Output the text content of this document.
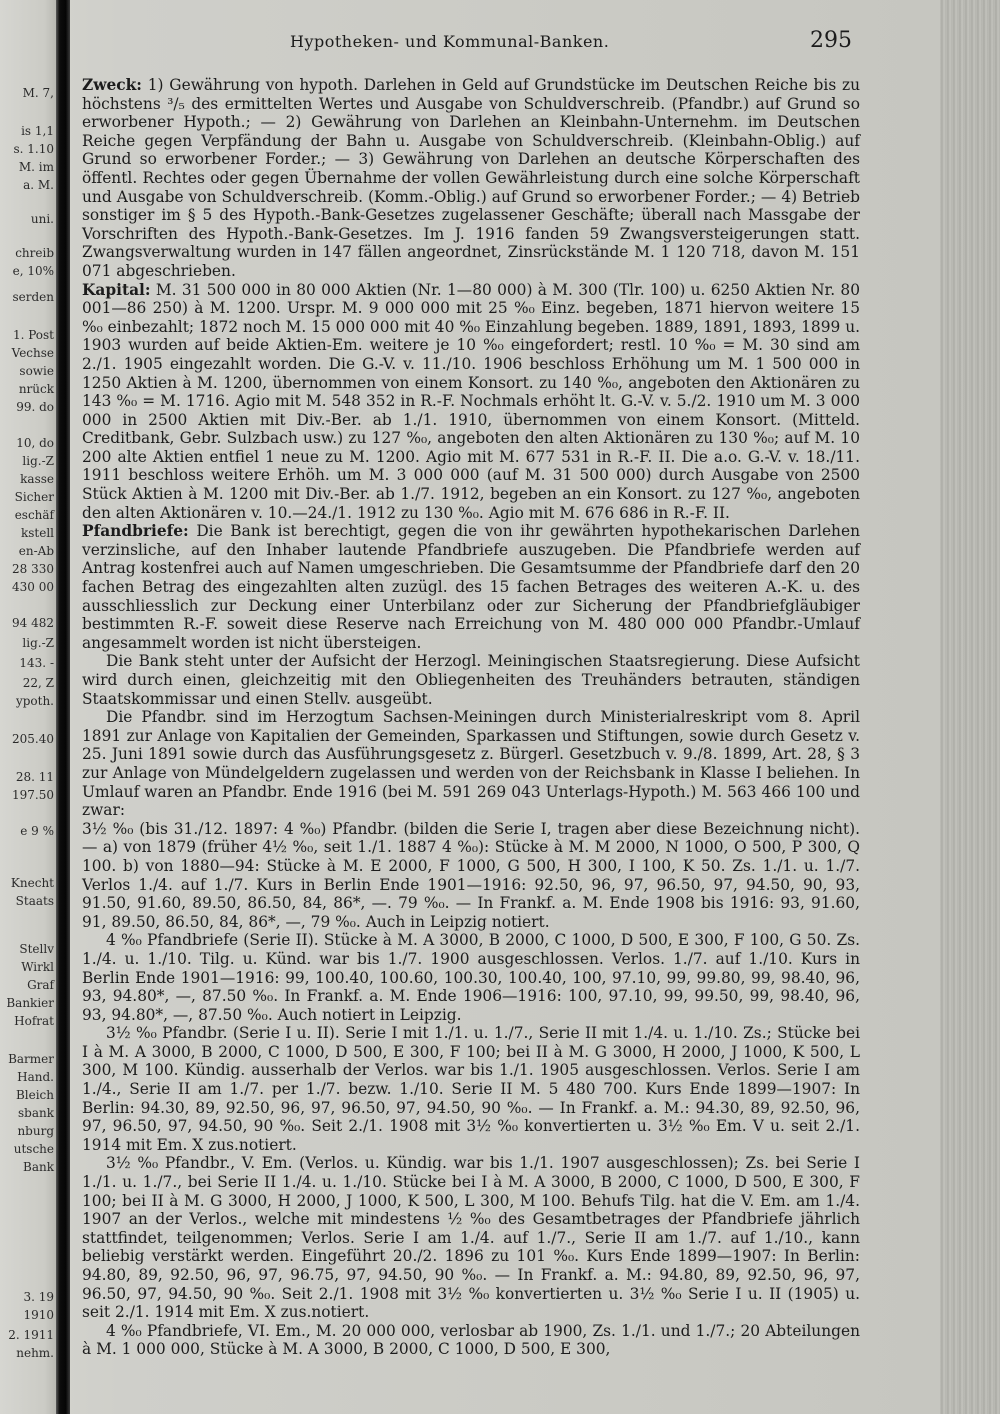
M. 7,
is 1,1
s. 1.10
M. im
a. M.
uni.
chreib
e, 10%
serden
1. Post
Vechse
sowie
nrück
99. do
10, do
lig.-Z
kasse
Sicher
eschäf
kstell
en-Ab
28 330
430 00
94 482
lig.-Z
143. -
22, Z
ypoth.
205.40
28. 11
197.50
e 9 %
Knecht
Staats
Stellv
Wirkl
Graf
Bankier
Hofrat
Barmer
Hand.
Bleich
sbank
nburg
utsche
Bank
3. 19
1910
2. 1911
nehm.
Hypotheken- und Kommunal-Banken.	295

Zweck: 1) Gewährung von hypoth. Darlehen in Geld auf Grundstücke im Deutschen Reiche bis zu höchstens ³/₅ des ermittelten Wertes und Ausgabe von Schuldverschreib. (Pfandbr.) auf Grund so erworbener Hypoth.; — 2) Gewährung von Darlehen an Kleinbahn-Unternehm. im Deutschen Reiche gegen Verpfändung der Bahn u. Ausgabe von Schuldverschreib. (Kleinbahn-Oblig.) auf Grund so erworbener Forder.; — 3) Gewährung von Darlehen an deutsche Körperschaften des öffentl. Rechtes oder gegen Übernahme der vollen Gewährleistung durch eine solche Körperschaft und Ausgabe von Schuldverschreib. (Komm.-Oblig.) auf Grund so erworbener Forder.; — 4) Betrieb sonstiger im § 5 des Hypoth.-Bank-Gesetzes zugelassener Geschäfte; überall nach Massgabe der Vorschriften des Hypoth.-Bank-Gesetzes. Im J. 1916 fanden 59 Zwangsversteigerungen statt. Zwangsverwaltung wurden in 147 fällen angeordnet, Zinsrückstände M. 1 120 718, davon M. 151 071 abgeschrieben.

Kapital: M. 31 500 000 in 80 000 Aktien (Nr. 1—80 000) à M. 300 (Tlr. 100) u. 6250 Aktien Nr. 80 001—86 250) à M. 1200. Urspr. M. 9 000 000 mit 25 %₀ Einz. begeben, 1871 hiervon weitere 15 %₀ einbezahlt; 1872 noch M. 15 000 000 mit 40 %₀ Einzahlung begeben. 1889, 1891, 1893, 1899 u. 1903 wurden auf beide Aktien-Em. weitere je 10 %₀ eingefordert; restl. 10 %₀ = M. 30 sind am 2./1. 1905 eingezahlt worden. Die G.-V. v. 11./10. 1906 beschloss Erhöhung um M. 1 500 000 in 1250 Aktien à M. 1200, übernommen von einem Konsort. zu 140 %₀, angeboten den Aktionären zu 143 %₀ = M. 1716. Agio mit M. 548 352 in R.-F. Nochmals erhöht lt. G.-V. v. 5./2. 1910 um M. 3 000 000 in 2500 Aktien mit Div.-Ber. ab 1./1. 1910, übernommen von einem Konsort. (Mitteld. Creditbank, Gebr. Sulzbach usw.) zu 127 %₀, angeboten den alten Aktionären zu 130 %₀; auf M. 10 200 alte Aktien entfiel 1 neue zu M. 1200. Agio mit M. 677 531 in R.-F. II. Die a.o. G.-V. v. 18./11. 1911 beschloss weitere Erhöh. um M. 3 000 000 (auf M. 31 500 000) durch Ausgabe von 2500 Stück Aktien à M. 1200 mit Div.-Ber. ab 1./7. 1912, begeben an ein Konsort. zu 127 %₀, angeboten den alten Aktionären v. 10.—24./1. 1912 zu 130 %₀. Agio mit M. 676 686 in R.-F. II.

Pfandbriefe: Die Bank ist berechtigt, gegen die von ihr gewährten hypothekarischen Darlehen verzinsliche, auf den Inhaber lautende Pfandbriefe auszugeben. Die Pfandbriefe werden auf Antrag kostenfrei auch auf Namen umgeschrieben. Die Gesamtsumme der Pfandbriefe darf den 20 fachen Betrag des eingezahlten alten zuzügl. des 15 fachen Betrages des weiteren A.-K. u. des ausschliesslich zur Deckung einer Unterbilanz oder zur Sicherung der Pfandbriefgläubiger bestimmten R.-F. soweit diese Reserve nach Erreichung von M. 480 000 000 Pfandbr.-Umlauf angesammelt worden ist nicht übersteigen.

Die Bank steht unter der Aufsicht der Herzogl. Meiningischen Staatsregierung. Diese Aufsicht wird durch einen, gleichzeitig mit den Obliegenheiten des Treuhänders betrauten, ständigen Staatskommissar und einen Stellv. ausgeübt.

Die Pfandbr. sind im Herzogtum Sachsen-Meiningen durch Ministerialreskript vom 8. April 1891 zur Anlage von Kapitalien der Gemeinden, Sparkassen und Stiftungen, sowie durch Gesetz v. 25. Juni 1891 sowie durch das Ausführungsgesetz z. Bürgerl. Gesetzbuch v. 9./8. 1899, Art. 28, § 3 zur Anlage von Mündelgeldern zugelassen und werden von der Reichsbank in Klasse I beliehen. In Umlauf waren an Pfandbr. Ende 1916 (bei M. 591 269 043 Unterlags-Hypoth.) M. 563 466 100 und zwar:

3½ %₀ (bis 31./12. 1897: 4 %₀) Pfandbr. (bilden die Serie I, tragen aber diese Bezeichnung nicht). — a) von 1879 (früher 4½ %₀, seit 1./1. 1887 4 %₀): Stücke à M. M 2000, N 1000, O 500, P 300, Q 100. b) von 1880—94: Stücke à M. E 2000, F 1000, G 500, H 300, I 100, K 50. Zs. 1./1. u. 1./7. Verlos 1./4. auf 1./7. Kurs in Berlin Ende 1901—1916: 92.50, 96, 97, 96.50, 97, 94.50, 90, 93, 91.50, 91.60, 89.50, 86.50, 84, 86*, —. 79 %₀. — In Frankf. a. M. Ende 1908 bis 1916: 93, 91.60, 91, 89.50, 86.50, 84, 86*, —, 79 %₀. Auch in Leipzig notiert.

4 %₀ Pfandbriefe (Serie II). Stücke à M. A 3000, B 2000, C 1000, D 500, E 300, F 100, G 50. Zs. 1./4. u. 1./10. Tilg. u. Künd. war bis 1./7. 1900 ausgeschlossen. Verlos. 1./7. auf 1./10. Kurs in Berlin Ende 1901—1916: 99, 100.40, 100.60, 100.30, 100.40, 100, 97.10, 99, 99.80, 99, 98.40, 96, 93, 94.80*, —, 87.50 %₀. In Frankf. a. M. Ende 1906—1916: 100, 97.10, 99, 99.50, 99, 98.40, 96, 93, 94.80*, —, 87.50 %₀. Auch notiert in Leipzig.

3½ %₀ Pfandbr. (Serie I u. II). Serie I mit 1./1. u. 1./7., Serie II mit 1./4. u. 1./10. Zs.; Stücke bei I à M. A 3000, B 2000, C 1000, D 500, E 300, F 100; bei II à M. G 3000, H 2000, J 1000, K 500, L 300, M 100. Kündig. ausserhalb der Verlos. war bis 1./1. 1905 ausgeschlossen. Verlos. Serie I am 1./4., Serie II am 1./7. per 1./7. bezw. 1./10. Serie II M. 5 480 700. Kurs Ende 1899—1907: In Berlin: 94.30, 89, 92.50, 96, 97, 96.50, 97, 94.50, 90 %₀. — In Frankf. a. M.: 94.30, 89, 92.50, 96, 97, 96.50, 97, 94.50, 90 %₀. Seit 2./1. 1908 mit 3½ %₀ konvertierten u. 3½ %₀ Em. V u. seit 2./1. 1914 mit Em. X zus.notiert.

3½ %₀ Pfandbr., V. Em. (Verlos. u. Kündig. war bis 1./1. 1907 ausgeschlossen); Zs. bei Serie I 1./1. u. 1./7., bei Serie II 1./4. u. 1./10. Stücke bei I à M. A 3000, B 2000, C 1000, D 500, E 300, F 100; bei II à M. G 3000, H 2000, J 1000, K 500, L 300, M 100. Behufs Tilg. hat die V. Em. am 1./4. 1907 an der Verlos., welche mit mindestens ½ %₀ des Gesamtbetrages der Pfandbriefe jährlich stattfindet, teilgenommen; Verlos. Serie I am 1./4. auf 1./7., Serie II am 1./7. auf 1./10., kann beliebig verstärkt werden. Eingeführt 20./2. 1896 zu 101 %₀. Kurs Ende 1899—1907: In Berlin: 94.80, 89, 92.50, 96, 97, 96.75, 97, 94.50, 90 %₀. — In Frankf. a. M.: 94.80, 89, 92.50, 96, 97, 96.50, 97, 94.50, 90 %₀. Seit 2./1. 1908 mit 3½ %₀ konvertierten u. 3½ %₀ Serie I u. II (1905) u. seit 2./1. 1914 mit Em. X zus.notiert.

4 %₀ Pfandbriefe, VI. Em., M. 20 000 000, verlosbar ab 1900, Zs. 1./1. und 1./7.; 20 Abteilungen à M. 1 000 000, Stücke à M. A 3000, B 2000, C 1000, D 500, E 300,
